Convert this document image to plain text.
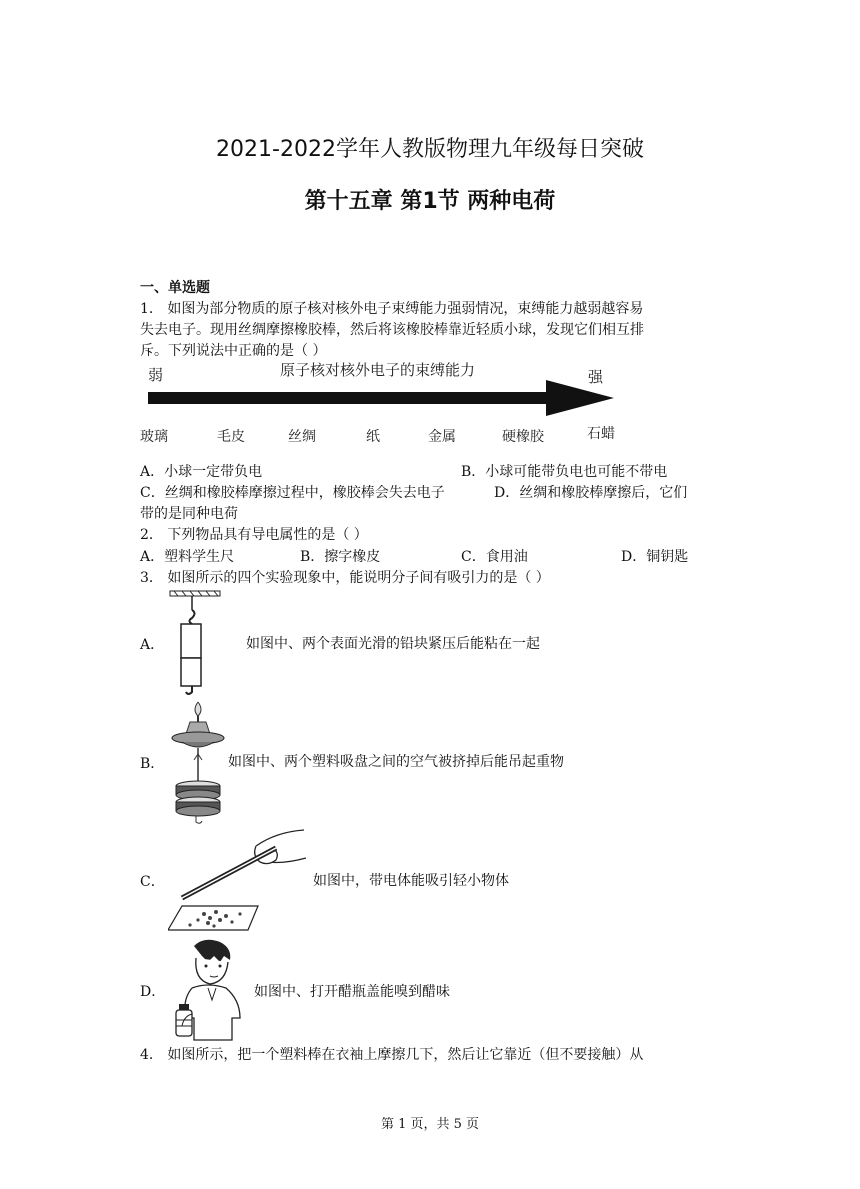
2021-2022学年人教版物理九年级每日突破
第十五章 第1节 两种电荷
一、单选题
1． 如图为部分物质的原子核对核外电子束缚能力强弱情况，束缚能力越弱越容易
失去电子。现用丝绸摩擦橡胶棒，然后将该橡胶棒靠近轻质小球，发现它们相互排
斥。下列说法中正确的是（ ）
弱	原子核对核外电子的束缚能力	强
玻璃	毛皮	丝绸	纸	金属	硬橡胶	石蜡
A．小球一定带负电	B．小球可能带负电也可能不带电
C．丝绸和橡胶棒摩擦过程中，橡胶棒会失去电子	D．丝绸和橡胶棒摩擦后，它们
带的是同种电荷
2． 下列物品具有导电属性的是（ ）
A．塑料学生尺	B．擦字橡皮	C．食用油	D．铜钥匙
3． 如图所示的四个实验现象中，能说明分子间有吸引力的是（ ）
A．	如图中、两个表面光滑的铅块紧压后能粘在一起
B．	如图中、两个塑料吸盘之间的空气被挤掉后能吊起重物
C．	如图中，带电体能吸引轻小物体
D．	如图中、打开醋瓶盖能嗅到醋味
4． 如图所示，把一个塑料棒在衣袖上摩擦几下，然后让它靠近（但不要接触）从
第 1 页，共 5 页
